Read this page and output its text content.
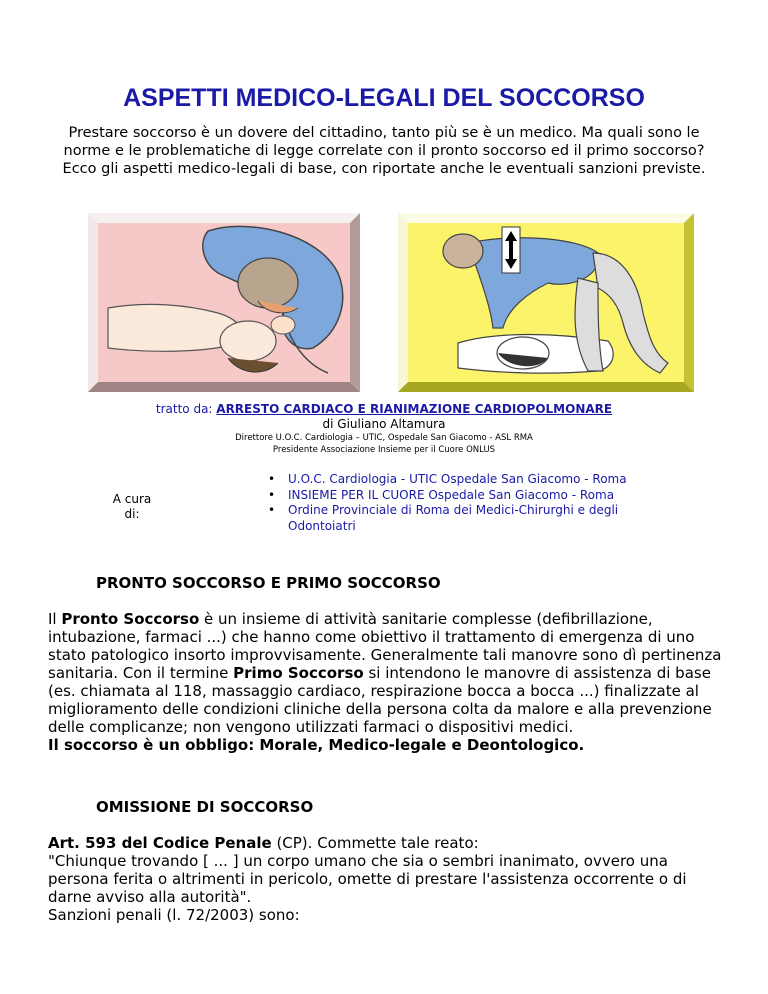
ASPETTI MEDICO-LEGALI DEL SOCCORSO

Prestare soccorso è un dovere del cittadino, tanto più se è un medico. Ma quali sono le norme e le problematiche di legge correlate con il pronto soccorso ed il primo soccorso? Ecco gli aspetti medico-legali di base, con riportate anche le eventuali sanzioni previste.

tratto da: ARRESTO CARDIACO E RIANIMAZIONE CARDIOPOLMONARE
di Giuliano Altamura
Direttore U.O.C. Cardiologia – UTIC, Ospedale San Giacomo - ASL RMA
Presidente Associazione Insieme per il Cuore ONLUS
A cura di:
• U.O.C. Cardiologia - UTIC Ospedale San Giacomo - Roma
• INSIEME PER IL CUORE Ospedale San Giacomo - Roma
• Ordine Provinciale di Roma dei Medici-Chirurghi e degli Odontoiatri
PRONTO SOCCORSO E PRIMO SOCCORSO

Il Pronto Soccorso è un insieme di attività sanitarie complesse (defibrillazione, intubazione, farmaci ...) che hanno come obiettivo il trattamento di emergenza di uno stato patologico insorto improvvisamente. Generalmente tali manovre sono dì pertinenza sanitaria. Con il termine Primo Soccorso si intendono le manovre di assistenza di base (es. chiamata al 118, massaggio cardiaco, respirazione bocca a bocca ...) finalizzate al miglioramento delle condizioni cliniche della persona colta da malore e alla prevenzione delle complicanze; non vengono utilizzati farmaci o dispositivi medici.
Il soccorso è un obbligo: Morale, Medico-legale e Deontologico.

OMISSIONE DI SOCCORSO

Art. 593 del Codice Penale (CP). Commette tale reato:
"Chiunque trovando [ ... ] un corpo umano che sia o sembri inanimato, ovvero una persona ferita o altrimenti in pericolo, omette di prestare l'assistenza occorrente o di darne avviso alla autorità".
Sanzioni penali (l. 72/2003) sono:
